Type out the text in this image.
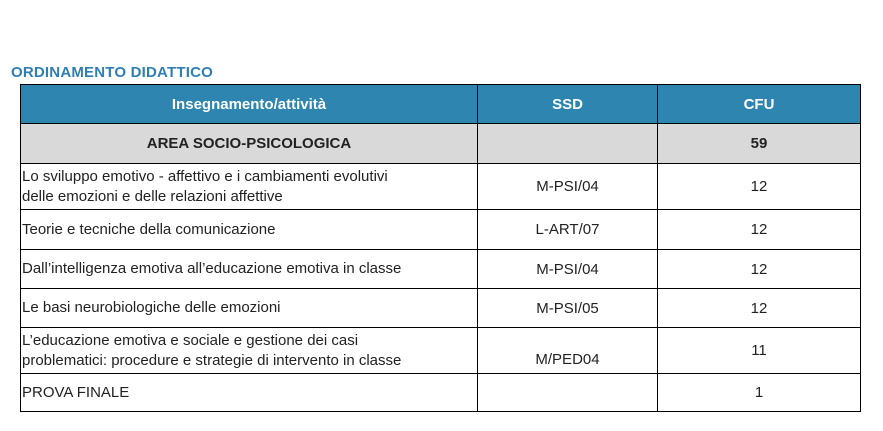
ORDINAMENTO DIDATTICO
Insegnamento/attività	SSD	CFU
AREA SOCIO-PSICOLOGICA		59

Lo sviluppo emotivo - affettivo e i cambiamenti evolutivi
delle emozioni e delle relazioni affettive	M-PSI/04	12

Teorie e tecniche della comunicazione	L-ART/07	12

Dall’intelligenza emotiva all’educazione emotiva in classe	M-PSI/04	12

Le basi neurobiologiche delle emozioni	M-PSI/05	12

L’educazione emotiva e sociale e gestione dei casi
problematici: procedure e strategie di intervento in classe	M/PED04	11

PROVA FINALE		1
